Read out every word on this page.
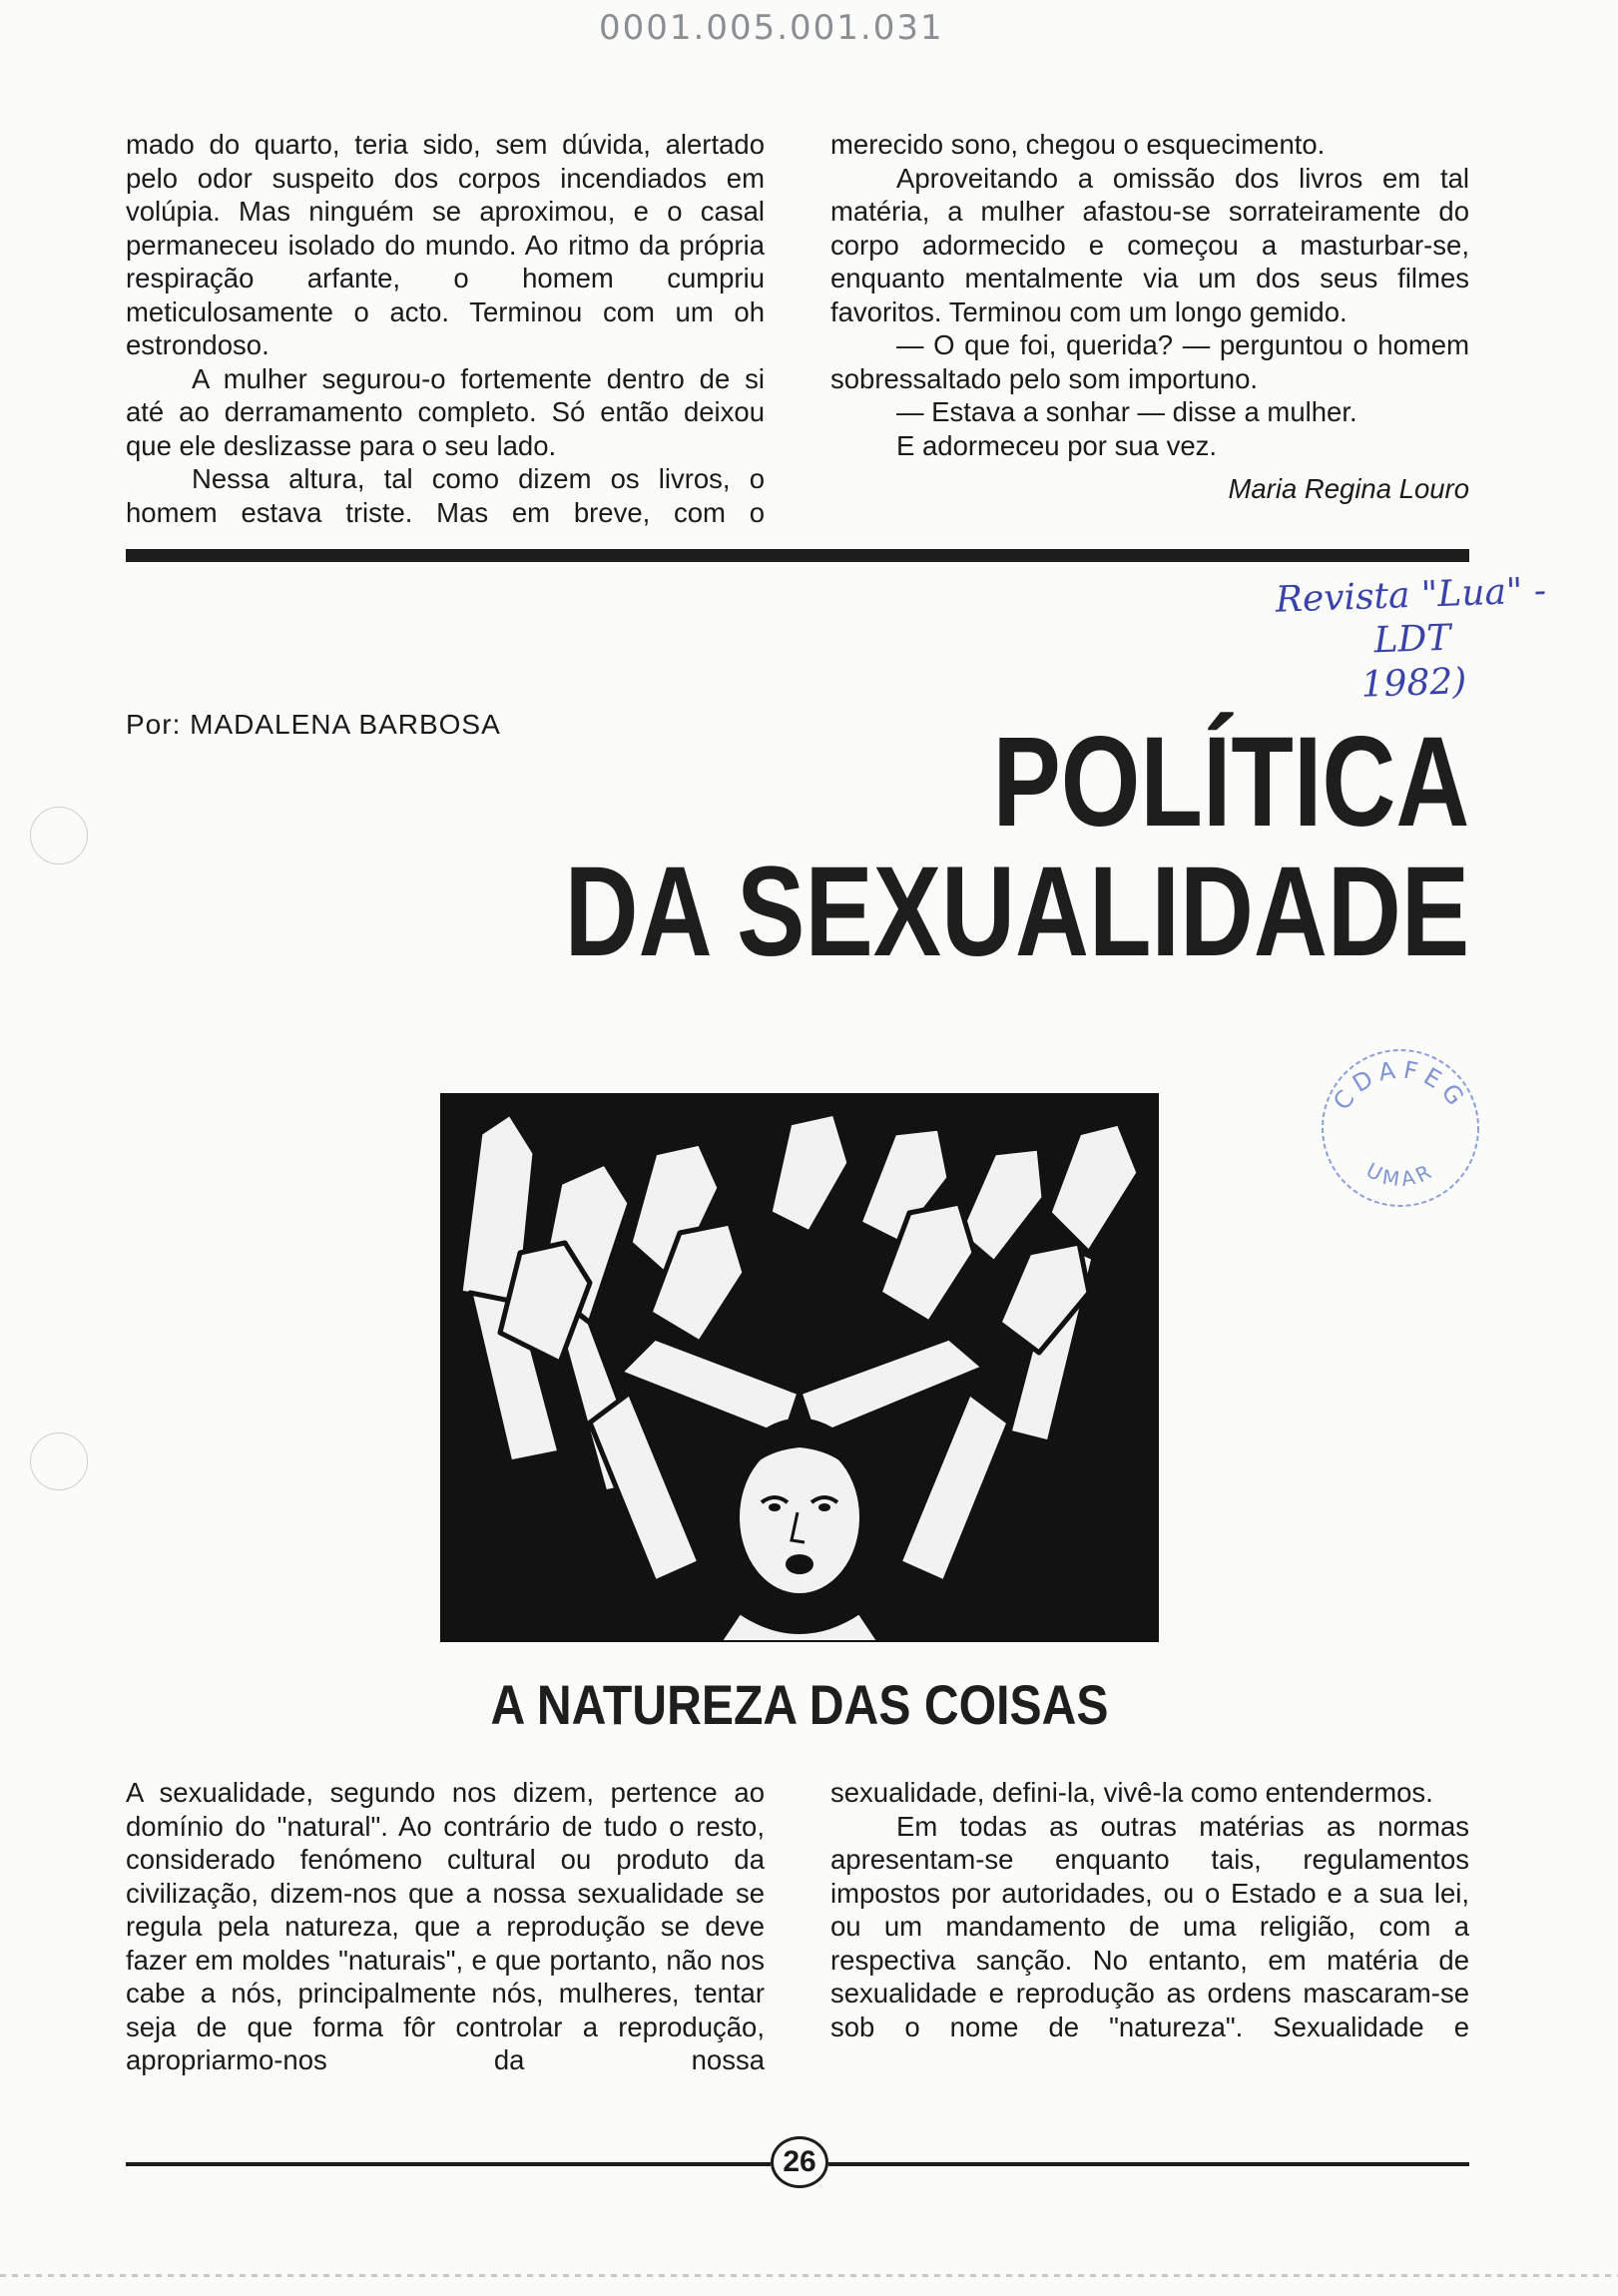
0001.005.001.031

mado do quarto, teria sido, sem dúvida, alertado pelo odor suspeito dos corpos incendiados em volúpia. Mas ninguém se aproximou, e o casal permaneceu isolado do mundo. Ao ritmo da própria respiração arfante, o homem cumpriu meticulosamente o acto. Terminou com um oh estrondoso.

A mulher segurou-o fortemente dentro de si até ao derramamento completo. Só então deixou que ele deslizasse para o seu lado.

Nessa altura, tal como dizem os livros, o homem estava triste. Mas em breve, com o

merecido sono, chegou o esquecimento.

Aproveitando a omissão dos livros em tal matéria, a mulher afastou-se sorrateiramente do corpo adormecido e começou a masturbar-se, enquanto mentalmente via um dos seus filmes favoritos. Terminou com um longo gemido.

— O que foi, querida? — perguntou o homem sobressaltado pelo som importuno.

— Estava a sonhar — disse a mulher.

E adormeceu por sua vez.

Maria Regina Louro

Revista "Lua" - LDT
1982)
Por: MADALENA BARBOSA	POLÍTICA
DA SEXUALIDADE
CDAFEG
UMAR
A NATUREZA DAS COISAS

A sexualidade, segundo nos dizem, pertence ao domínio do "natural". Ao contrário de tudo o resto, considerado fenómeno cultural ou produto da civilização, dizem-nos que a nossa sexualidade se regula pela natureza, que a reprodução se deve fazer em moldes "naturais", e que portanto, não nos cabe a nós, principalmente nós, mulheres, tentar seja de que forma fôr controlar a reprodução, apropriarmo-nos da nossa

sexualidade, defini-la, vivê-la como entendermos.

Em todas as outras matérias as normas apresentam-se enquanto tais, regulamentos impostos por autoridades, ou o Estado e a sua lei, ou um mandamento de uma religião, com a respectiva sanção. No entanto, em matéria de sexualidade e reprodução as ordens mascaram-se sob o nome de "natureza". Sexualidade e

26
